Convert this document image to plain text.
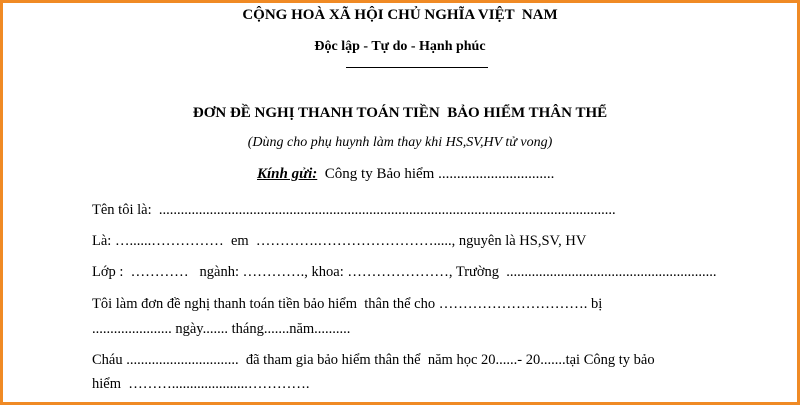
CỘNG HOÀ XÃ HỘI CHỦ NGHĨA VIỆT  NAM
Độc lập - Tự do - Hạnh phúc
ĐƠN ĐỀ NGHỊ THANH TOÁN TIỀN  BẢO HIỂM THÂN THỂ
(Dùng cho phụ huynh làm thay khi HS,SV,HV tử vong)
Kính gửi: Công ty Bảo hiểm ...............................
Tên tôi là:  ..............................................................................................................................
Là: …......……………  em  ………….……………………....., nguyên là HS,SV, HV
Lớp :  …………   ngành: …………., khoa: …………………, Trường  ..........................................................
Tôi làm đơn đề nghị thanh toán tiền bảo hiểm  thân thể cho …………………………. bị
...................... ngày....... tháng.......năm..........
Cháu ...............................  đã tham gia bảo hiểm thân thể  năm học 20......- 20.......tại Công ty bảo
hiểm  ……….....................………….
